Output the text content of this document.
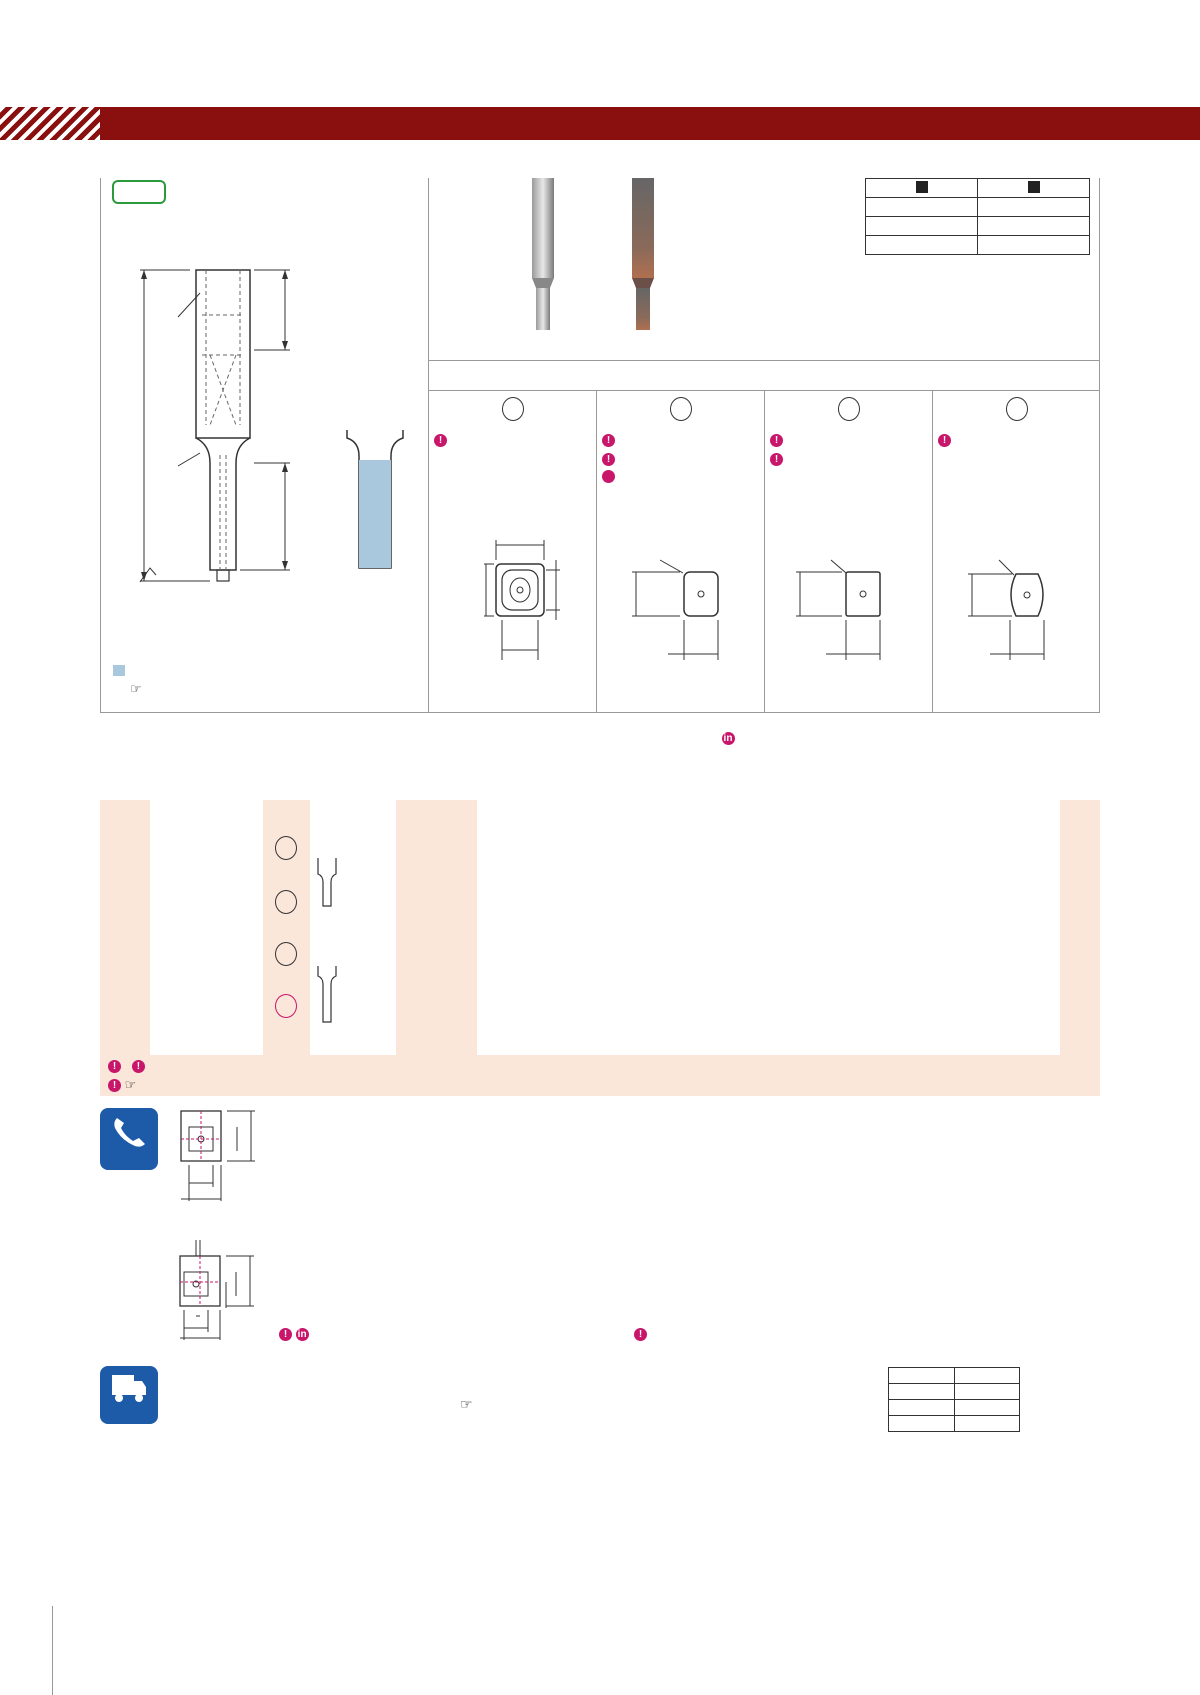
☞

!	!
!
!
!
!
in
! !
! ☞

! in	!
☞
